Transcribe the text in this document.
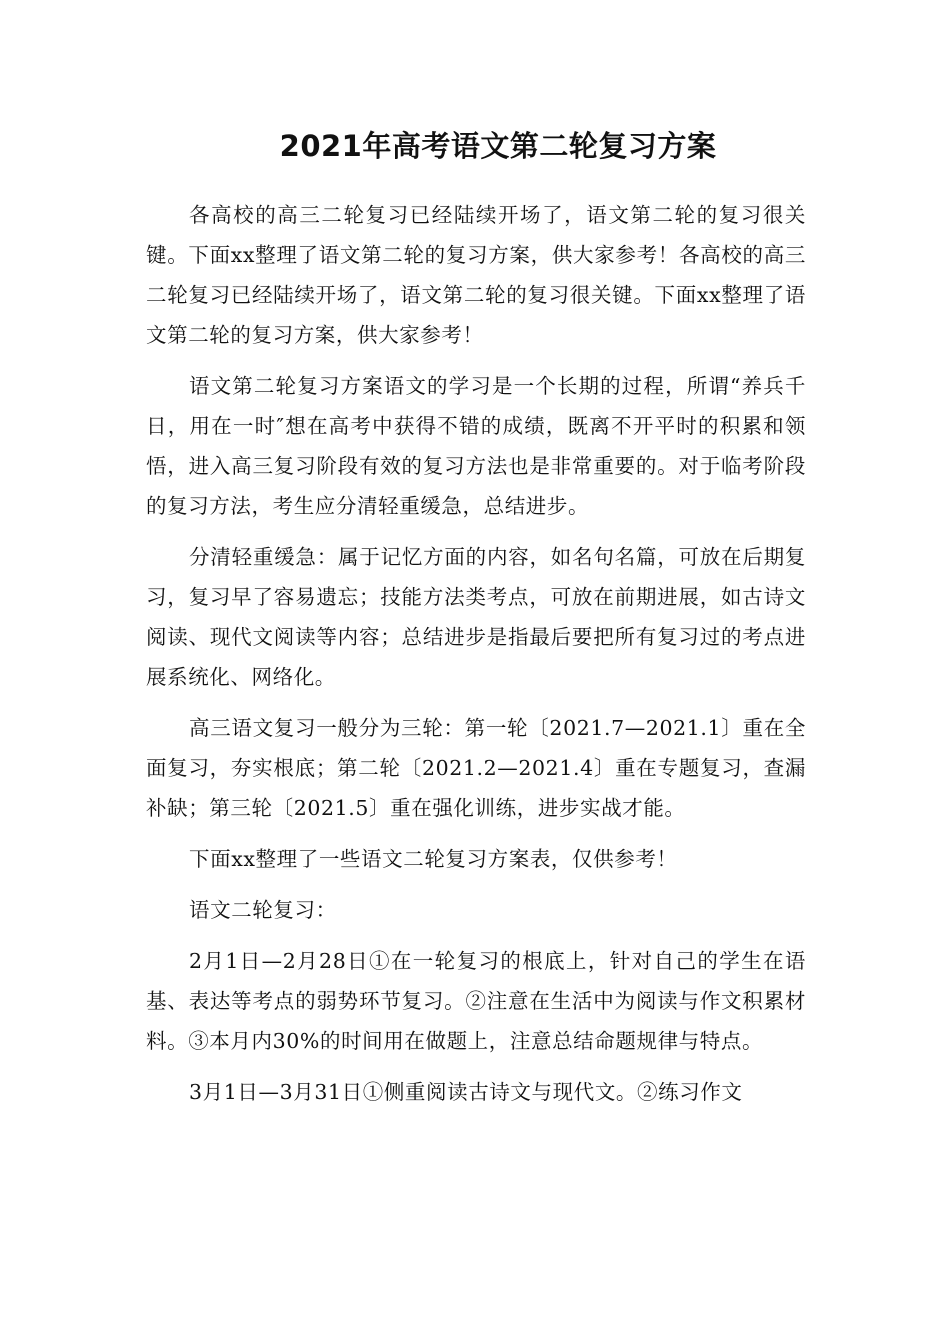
2021年高考语文第二轮复习方案

各高校的高三二轮复习已经陆续开场了，语文第二轮的复习很关键。下面xx整理了语文第二轮的复习方案，供大家参考！各高校的高三二轮复习已经陆续开场了，语文第二轮的复习很关键。下面xx整理了语文第二轮的复习方案，供大家参考！

语文第二轮复习方案语文的学习是一个长期的过程，所谓“养兵千日，用在一时″想在高考中获得不错的成绩，既离不开平时的积累和领悟，进入高三复习阶段有效的复习方法也是非常重要的。对于临考阶段的复习方法，考生应分清轻重缓急，总结进步。

分清轻重缓急：属于记忆方面的内容，如名句名篇，可放在后期复习，复习早了容易遗忘；技能方法类考点，可放在前期进展，如古诗文阅读、现代文阅读等内容；总结进步是指最后要把所有复习过的考点进展系统化、网络化。

高三语文复习一般分为三轮：第一轮〔2021.7—2021.1〕重在全面复习，夯实根底；第二轮〔2021.2—2021.4〕重在专题复习，查漏补缺；第三轮〔2021.5〕重在强化训练，进步实战才能。

下面xx整理了一些语文二轮复习方案表，仅供参考！

语文二轮复习：

2月1日—2月28日①在一轮复习的根底上，针对自己的学生在语基、表达等考点的弱势环节复习。②注意在生活中为阅读与作文积累材料。③本月内30%的时间用在做题上，注意总结命题规律与特点。

3月1日—3月31日①侧重阅读古诗文与现代文。②练习作文
